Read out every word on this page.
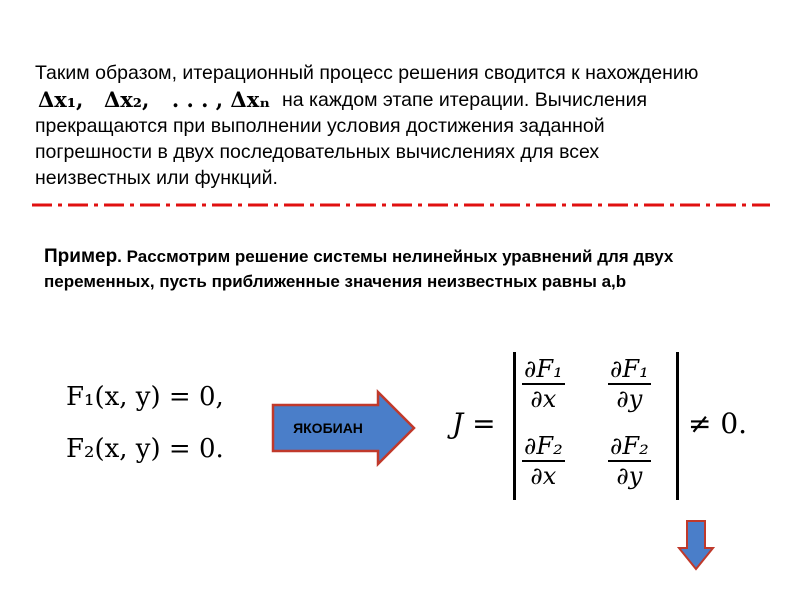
Таким образом, итерационный процесс решения сводится к нахождению
Δx₁, Δx₂, . . . , Δxₙ на каждом этапе итерации. Вычисления
прекращаются при выполнении условия достижения заданной
погрешности в двух последовательных вычислениях для всех
неизвестных или функций.
Пример. Рассмотрим решение системы нелинейных уравнений для двух
переменных, пусть приближенные значения неизвестных равны a,b
F₁(x, y) = 0,
F₂(x, y) = 0.
ЯКОБИАН	J =
$\frac{\text{∂F₁}}{\partial x} \frac{\text{∂F₁}}{\partial y}$
$\frac{\text{∂F₂}}{\partial x} \frac{\text{∂F₂}}{\partial y}$
≠ 0.
